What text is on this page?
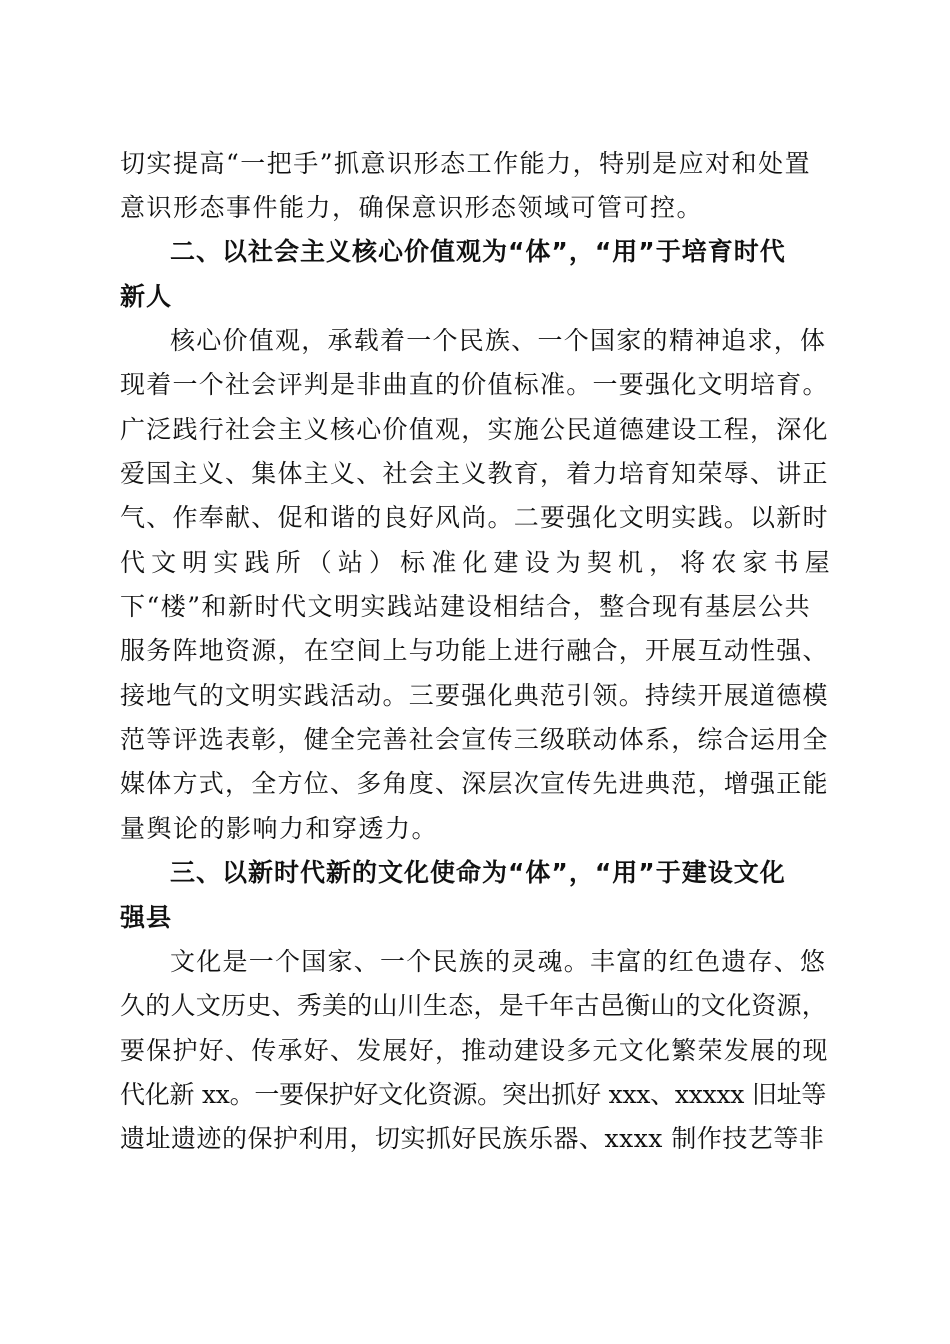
切实提高“一把手”抓意识形态工作能力，特别是应对和处置
意识形态事件能力，确保意识形态领域可管可控。
二、以社会主义核心价值观为“体”，“用”于培育时代
新人
核心价值观，承载着一个民族、一个国家的精神追求，体
现着一个社会评判是非曲直的价值标准。一要强化文明培育。
广泛践行社会主义核心价值观，实施公民道德建设工程，深化
爱国主义、集体主义、社会主义教育，着力培育知荣辱、讲正
气、作奉献、促和谐的良好风尚。二要强化文明实践。以新时
代 文 明 实 践 所 （ 站 ） 标 准 化 建 设 为 契 机 ， 将 农 家 书 屋
下“楼”和新时代文明实践站建设相结合，整合现有基层公共
服务阵地资源，在空间上与功能上进行融合，开展互动性强、
接地气的文明实践活动。三要强化典范引领。持续开展道德模
范等评选表彰，健全完善社会宣传三级联动体系，综合运用全
媒体方式，全方位、多角度、深层次宣传先进典范，增强正能
量舆论的影响力和穿透力。
三、以新时代新的文化使命为“体”，“用”于建设文化
强县
文化是一个国家、一个民族的灵魂。丰富的红色遗存、悠
久的人文历史、秀美的山川生态，是千年古邑衡山的文化资源，
要保护好、传承好、发展好，推动建设多元文化繁荣发展的现
代化新 xx。一要保护好文化资源。突出抓好 xxx、xxxxx 旧址等
遗址遗迹的保护利用，切实抓好民族乐器、xxxx 制作技艺等非
